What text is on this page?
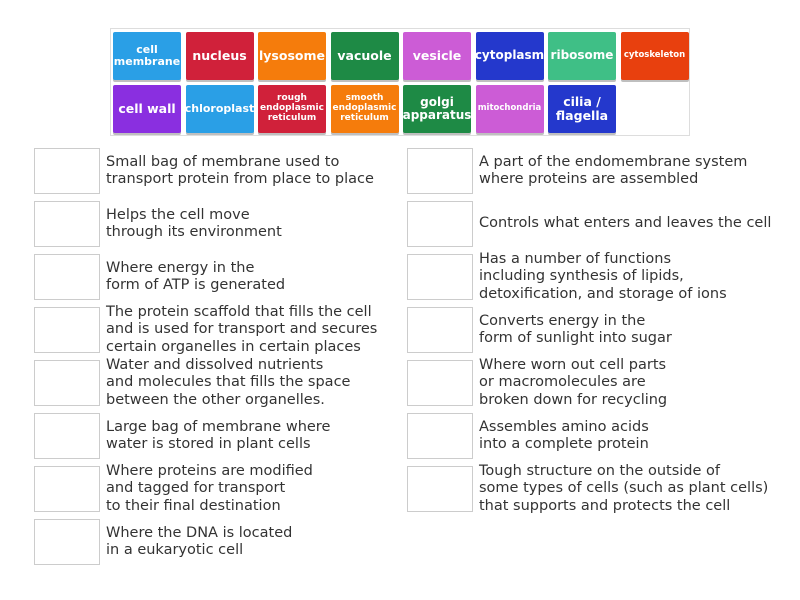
cell membrane nucleus lysosome vacuole	vesicle	cytoplasm ribosome	cytoskeleton
cell wall chloroplast
rough endoplasmic reticulum
smooth endoplasmic reticulum
golgi apparatus mitochondria	cilia / flagella
Small bag of membrane used to
transport protein from place to place
Helps the cell move
through its environment
Where energy in the
form of ATP is generated
The protein scaffold that fills the cell
and is used for transport and secures
certain organelles in certain places
Water and dissolved nutrients
and molecules that fills the space
between the other organelles.
Large bag of membrane where
water is stored in plant cells
Where proteins are modified
and tagged for transport
to their final destination
Where the DNA is located
in a eukaryotic cell
A part of the endomembrane system
where proteins are assembled
Controls what enters and leaves the cell
Has a number of functions
including synthesis of lipids,
detoxification, and storage of ions
Converts energy in the
form of sunlight into sugar
Where worn out cell parts
or macromolecules are
broken down for recycling
Assembles amino acids
into a complete protein
Tough structure on the outside of
some types of cells (such as plant cells)
that supports and protects the cell
